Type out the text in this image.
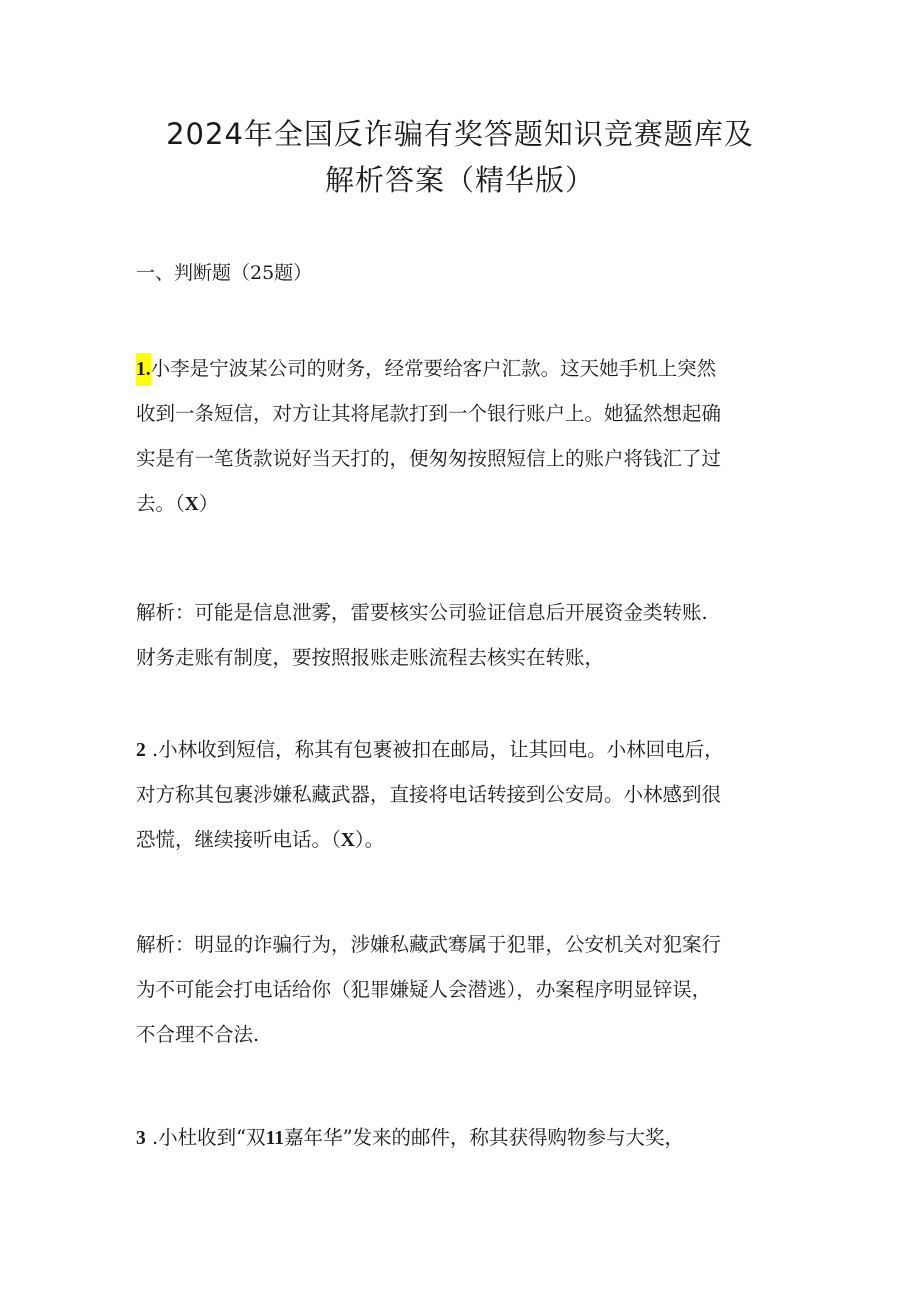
2024年全国反诈骗有奖答题知识竞赛题库及
解析答案（精华版）

一、判断题（25题）

1.小李是宁波某公司的财务，经常要给客户汇款。这天她手机上突然
收到一条短信，对方让其将尾款打到一个银行账户上。她猛然想起确
实是有一笔货款说好当天打的，便匆匆按照短信上的账户将钱汇了过
去。（X）
解析：可能是信息泄雾，雷要核实公司验证信息后开展资金类转账.
财务走账有制度，要按照报账走账流程去核实在转账，
2 .小林收到短信，称其有包裹被扣在邮局，让其回电。小林回电后，
对方称其包裹涉嫌私藏武器，直接将电话转接到公安局。小林感到很
恐慌，继续接听电话。（X）。
解析：明显的诈骗行为，涉嫌私藏武骞属于犯罪，公安机关对犯案行
为不可能会打电话给你（犯罪嫌疑人会潜逃），办案程序明显锌误，
不合理不合法.
3 .小杜收到“双11嘉年华”发来的邮件，称其获得购物参与大奖，
